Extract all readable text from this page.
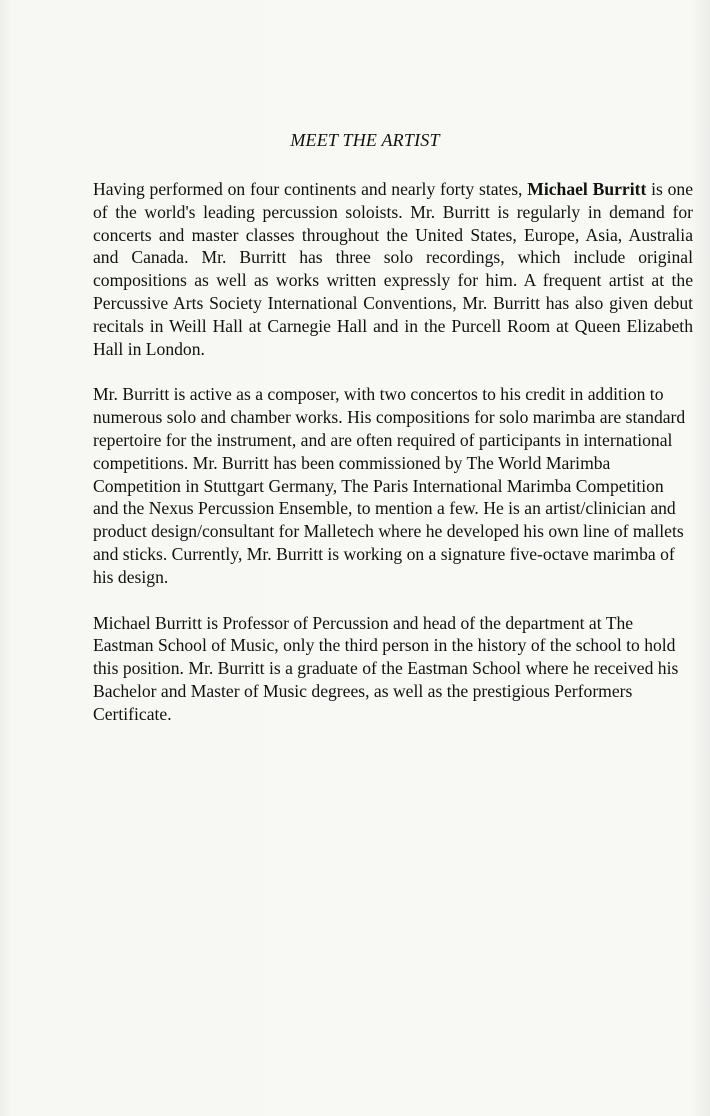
MEET THE ARTIST

Having performed on four continents and nearly forty states, Michael Burritt is one of the world's leading percussion soloists. Mr. Burritt is regularly in demand for concerts and master classes throughout the United States, Europe, Asia, Australia and Canada. Mr. Burritt has three solo recordings, which include original compositions as well as works written expressly for him. A frequent artist at the Percussive Arts Society International Conventions, Mr. Burritt has also given debut recitals in Weill Hall at Carnegie Hall and in the Purcell Room at Queen Elizabeth Hall in London.

Mr. Burritt is active as a composer, with two concertos to his credit in addition to numerous solo and chamber works. His compositions for solo marimba are standard repertoire for the instrument, and are often required of participants in international competitions. Mr. Burritt has been commissioned by The World Marimba Competition in Stuttgart Germany, The Paris International Marimba Competition and the Nexus Percussion Ensemble, to mention a few. He is an artist/clinician and product design/consultant for Malletech where he developed his own line of mallets and sticks. Currently, Mr. Burritt is working on a signature five-octave marimba of his design.

Michael Burritt is Professor of Percussion and head of the department at The Eastman School of Music, only the third person in the history of the school to hold this position. Mr. Burritt is a graduate of the Eastman School where he received his Bachelor and Master of Music degrees, as well as the prestigious Performers Certificate.
